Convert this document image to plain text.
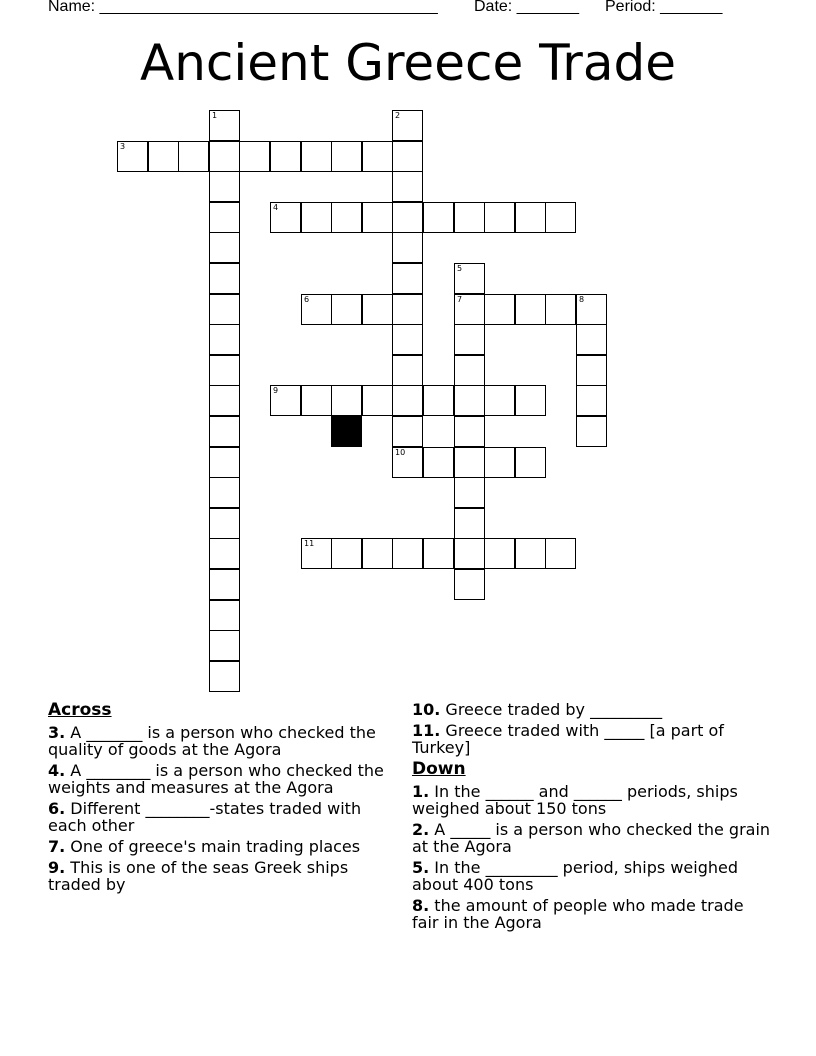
Name: ______________________________________ Date: _______ Period: _______
Ancient Greece Trade
1	2
10
3
4
5
7
6	8
9
11
Across
3. A _______ is a person who checked the quality of goods at the Agora
4. A ________ is a person who checked the weights and measures at the Agora
6. Different ________-states traded with each other
7. One of greece's main trading places
9. This is one of the seas Greek ships traded by
10. Greece traded by _________
11. Greece traded with _____ [a part of Turkey]
Down
1. In the ______ and ______ periods, ships weighed about 150 tons
2. A _____ is a person who checked the grain at the Agora
5. In the _________ period, ships weighed about 400 tons
8. the amount of people who made trade fair in the Agora
